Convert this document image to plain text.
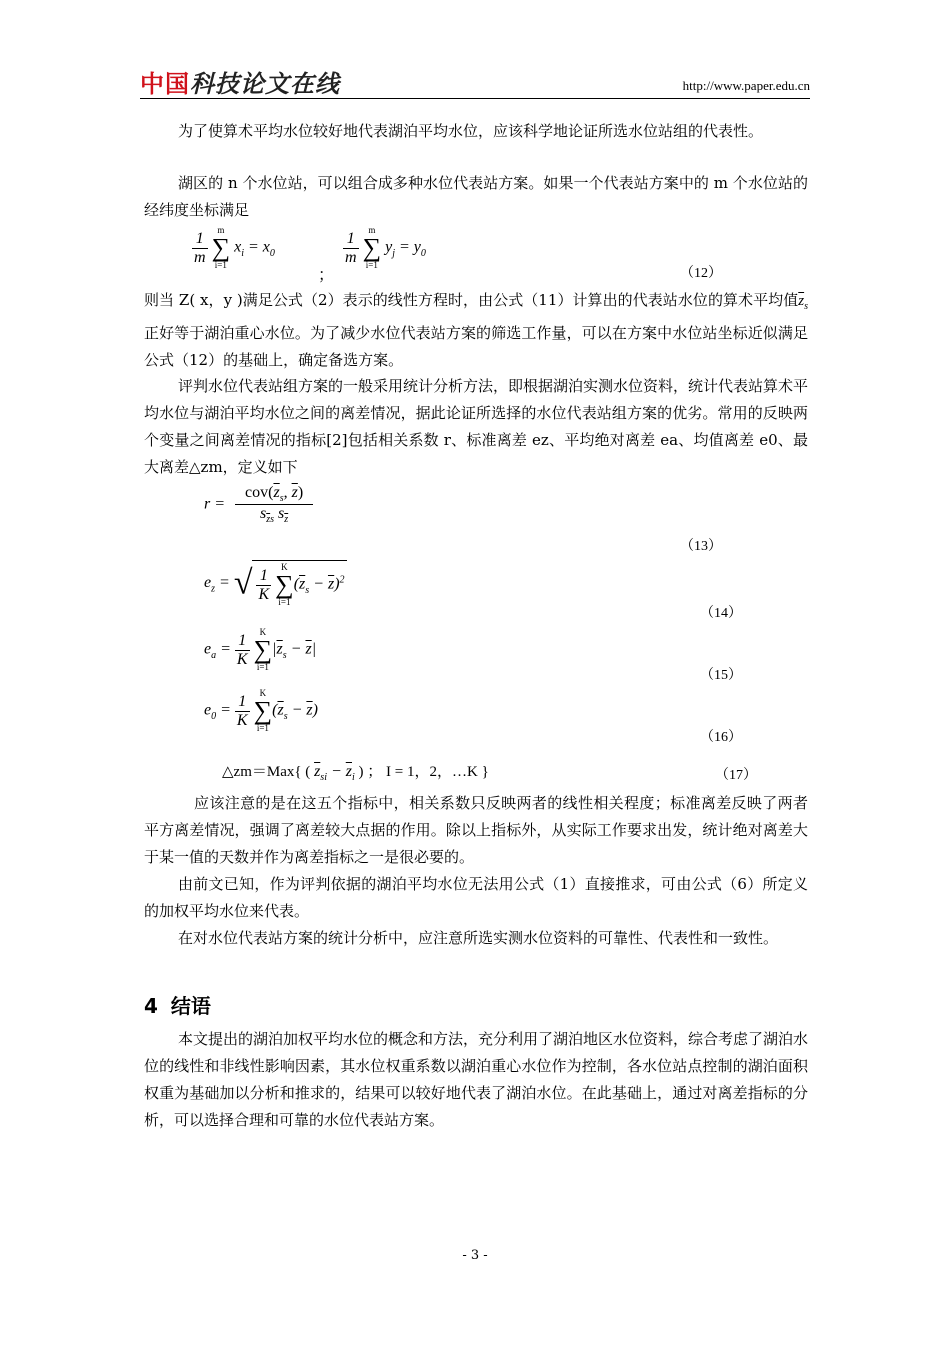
中国科技论文在线	http://www.paper.edu.cn
为了使算术平均水位较好地代表湖泊平均水位，应该科学地论证所选水位站组的代表性。
湖区的 n 个水位站，可以组合成多种水位代表站方案。如果一个代表站方案中的 m 个水位站的经纬度坐标满足
$\frac{1}{m}$
	m
∑
i=1
$x_i = x_0$
；
$\frac{1}{m}$
	m
∑
i=1
$y_j = y_0$
（12）
则当 Z( x，y )满足公式（2）表示的线性方程时，由公式（11）计算出的代表站水位的算术平均值$\overline{z}_s$正好等于湖泊重心水位。为了减少水位代表站方案的筛选工作量，可以在方案中水位站坐标近似满足公式（12）的基础上，确定备选方案。
评判水位代表站组方案的一般采用统计分析方法，即根据湖泊实测水位资料，统计代表站算术平均水位与湖泊平均水位之间的离差情况，据此论证所选择的水位代表站组方案的优劣。常用的反映两个变量之间离差情况的指标[2]包括相关系数 r、标准离差 ez、平均绝对离差 ea、均值离差 e0、最大离差△zm，定义如下
$r = \frac{cov(\overline{z}_s, \overline{z})}{s_{\overline{z}s} s_{\overline{z}}}$
（13）
$e_z$ = √ $\frac{1}{K}$
	K
∑
i=1
$(\overline{z}_s - \overline{z})^2$
（14）
$e_a = \frac{1}{K}$
	K
∑
i=1
$|\overline{z}_s - \overline{z}|$
（15）
$e_0 = \frac{1}{K}$
	K
∑
i=1
$(\overline{z}_s - \overline{z})$
（16）
△zm＝Max{ ( $\overline{z}_{si} - \overline{z}_i$ ) ； I = 1，2，…K }	（17）
应该注意的是在这五个指标中，相关系数只反映两者的线性相关程度；标准离差反映了两者平方离差情况，强调了离差较大点据的作用。除以上指标外，从实际工作要求出发，统计绝对离差大于某一值的天数并作为离差指标之一是很必要的。
由前文已知，作为评判依据的湖泊平均水位无法用公式（1）直接推求，可由公式（6）所定义的加权平均水位来代表。
在对水位代表站方案的统计分析中，应注意所选实测水位资料的可靠性、代表性和一致性。
4 结语
本文提出的湖泊加权平均水位的概念和方法，充分利用了湖泊地区水位资料，综合考虑了湖泊水位的线性和非线性影响因素，其水位权重系数以湖泊重心水位作为控制，各水位站点控制的湖泊面积权重为基础加以分析和推求的，结果可以较好地代表了湖泊水位。在此基础上，通过对离差指标的分析，可以选择合理和可靠的水位代表站方案。
- 3 -
